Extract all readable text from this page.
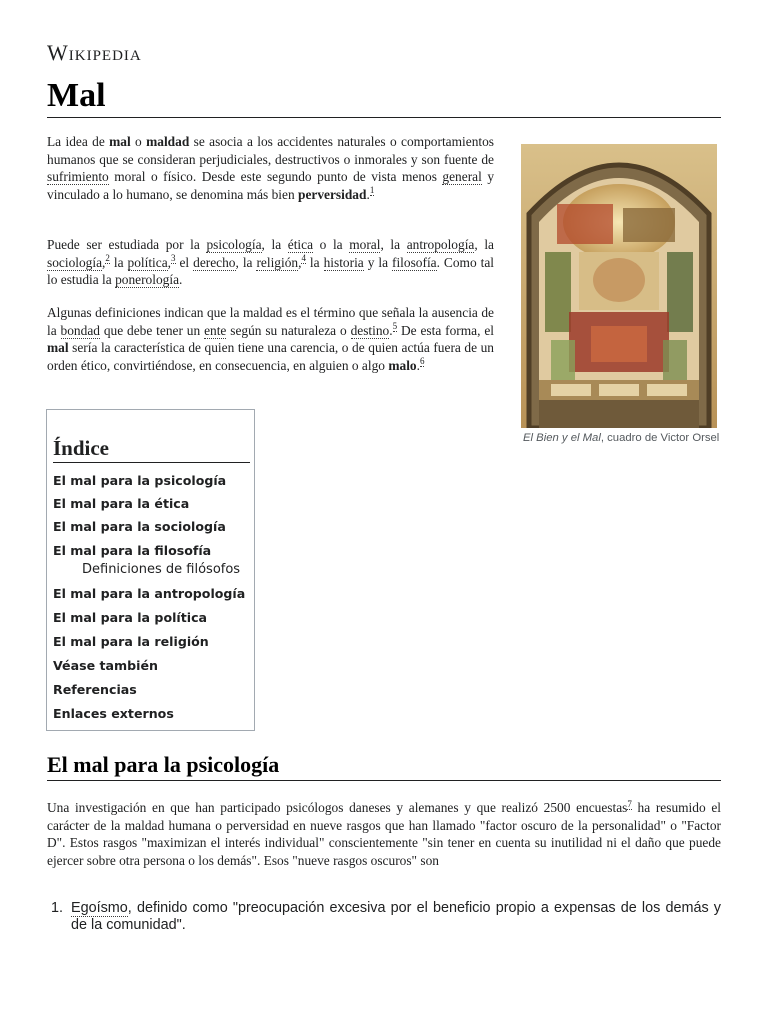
Wikipedia
Mal

La idea de mal o maldad se asocia a los accidentes naturales o comportamientos humanos que se consideran perjudiciales, destructivos o inmorales y son fuente de sufrimiento moral o físico. Desde este segundo punto de vista menos general y vinculado a lo humano, se denomina más bien perversidad.$^1$

Puede ser estudiada por la psicología, la ética o la moral, la antropología, la sociología,$^2$ la política,$^3$ el derecho, la religión,$^4$ la historia y la filosofía. Como tal lo estudia la ponerología.

Algunas definiciones indican que la maldad es el término que señala la ausencia de la bondad que debe tener un ente según su naturaleza o destino.$^5$ De esta forma, el mal sería la característica de quien tiene una carencia, o de quien actúa fuera de un orden ético, convirtiéndose, en consecuencia, en alguien o algo malo.$^6$

El Bien y el Mal, cuadro de Victor Orsel

Índice
El mal para la psicología
El mal para la ética
El mal para la sociología
El mal para la filosofía
Definiciones de filósofos
El mal para la antropología
El mal para la política
El mal para la religión
Véase también
Referencias
Enlaces externos
El mal para la psicología

Una investigación en que han participado psicólogos daneses y alemanes y que realizó 2500 encuestas$^7$ ha resumido el carácter de la maldad humana o perversidad en nueve rasgos que han llamado "factor oscuro de la personalidad" o "Factor D". Estos rasgos "maximizan el interés individual" conscientemente "sin tener en cuenta su inutilidad ni el daño que puede ejercer sobre otra persona o los demás". Esos "nueve rasgos oscuros" son

1. Egoísmo, definido como "preocupación excesiva por el beneficio propio a expensas de los demás y de la comunidad".
